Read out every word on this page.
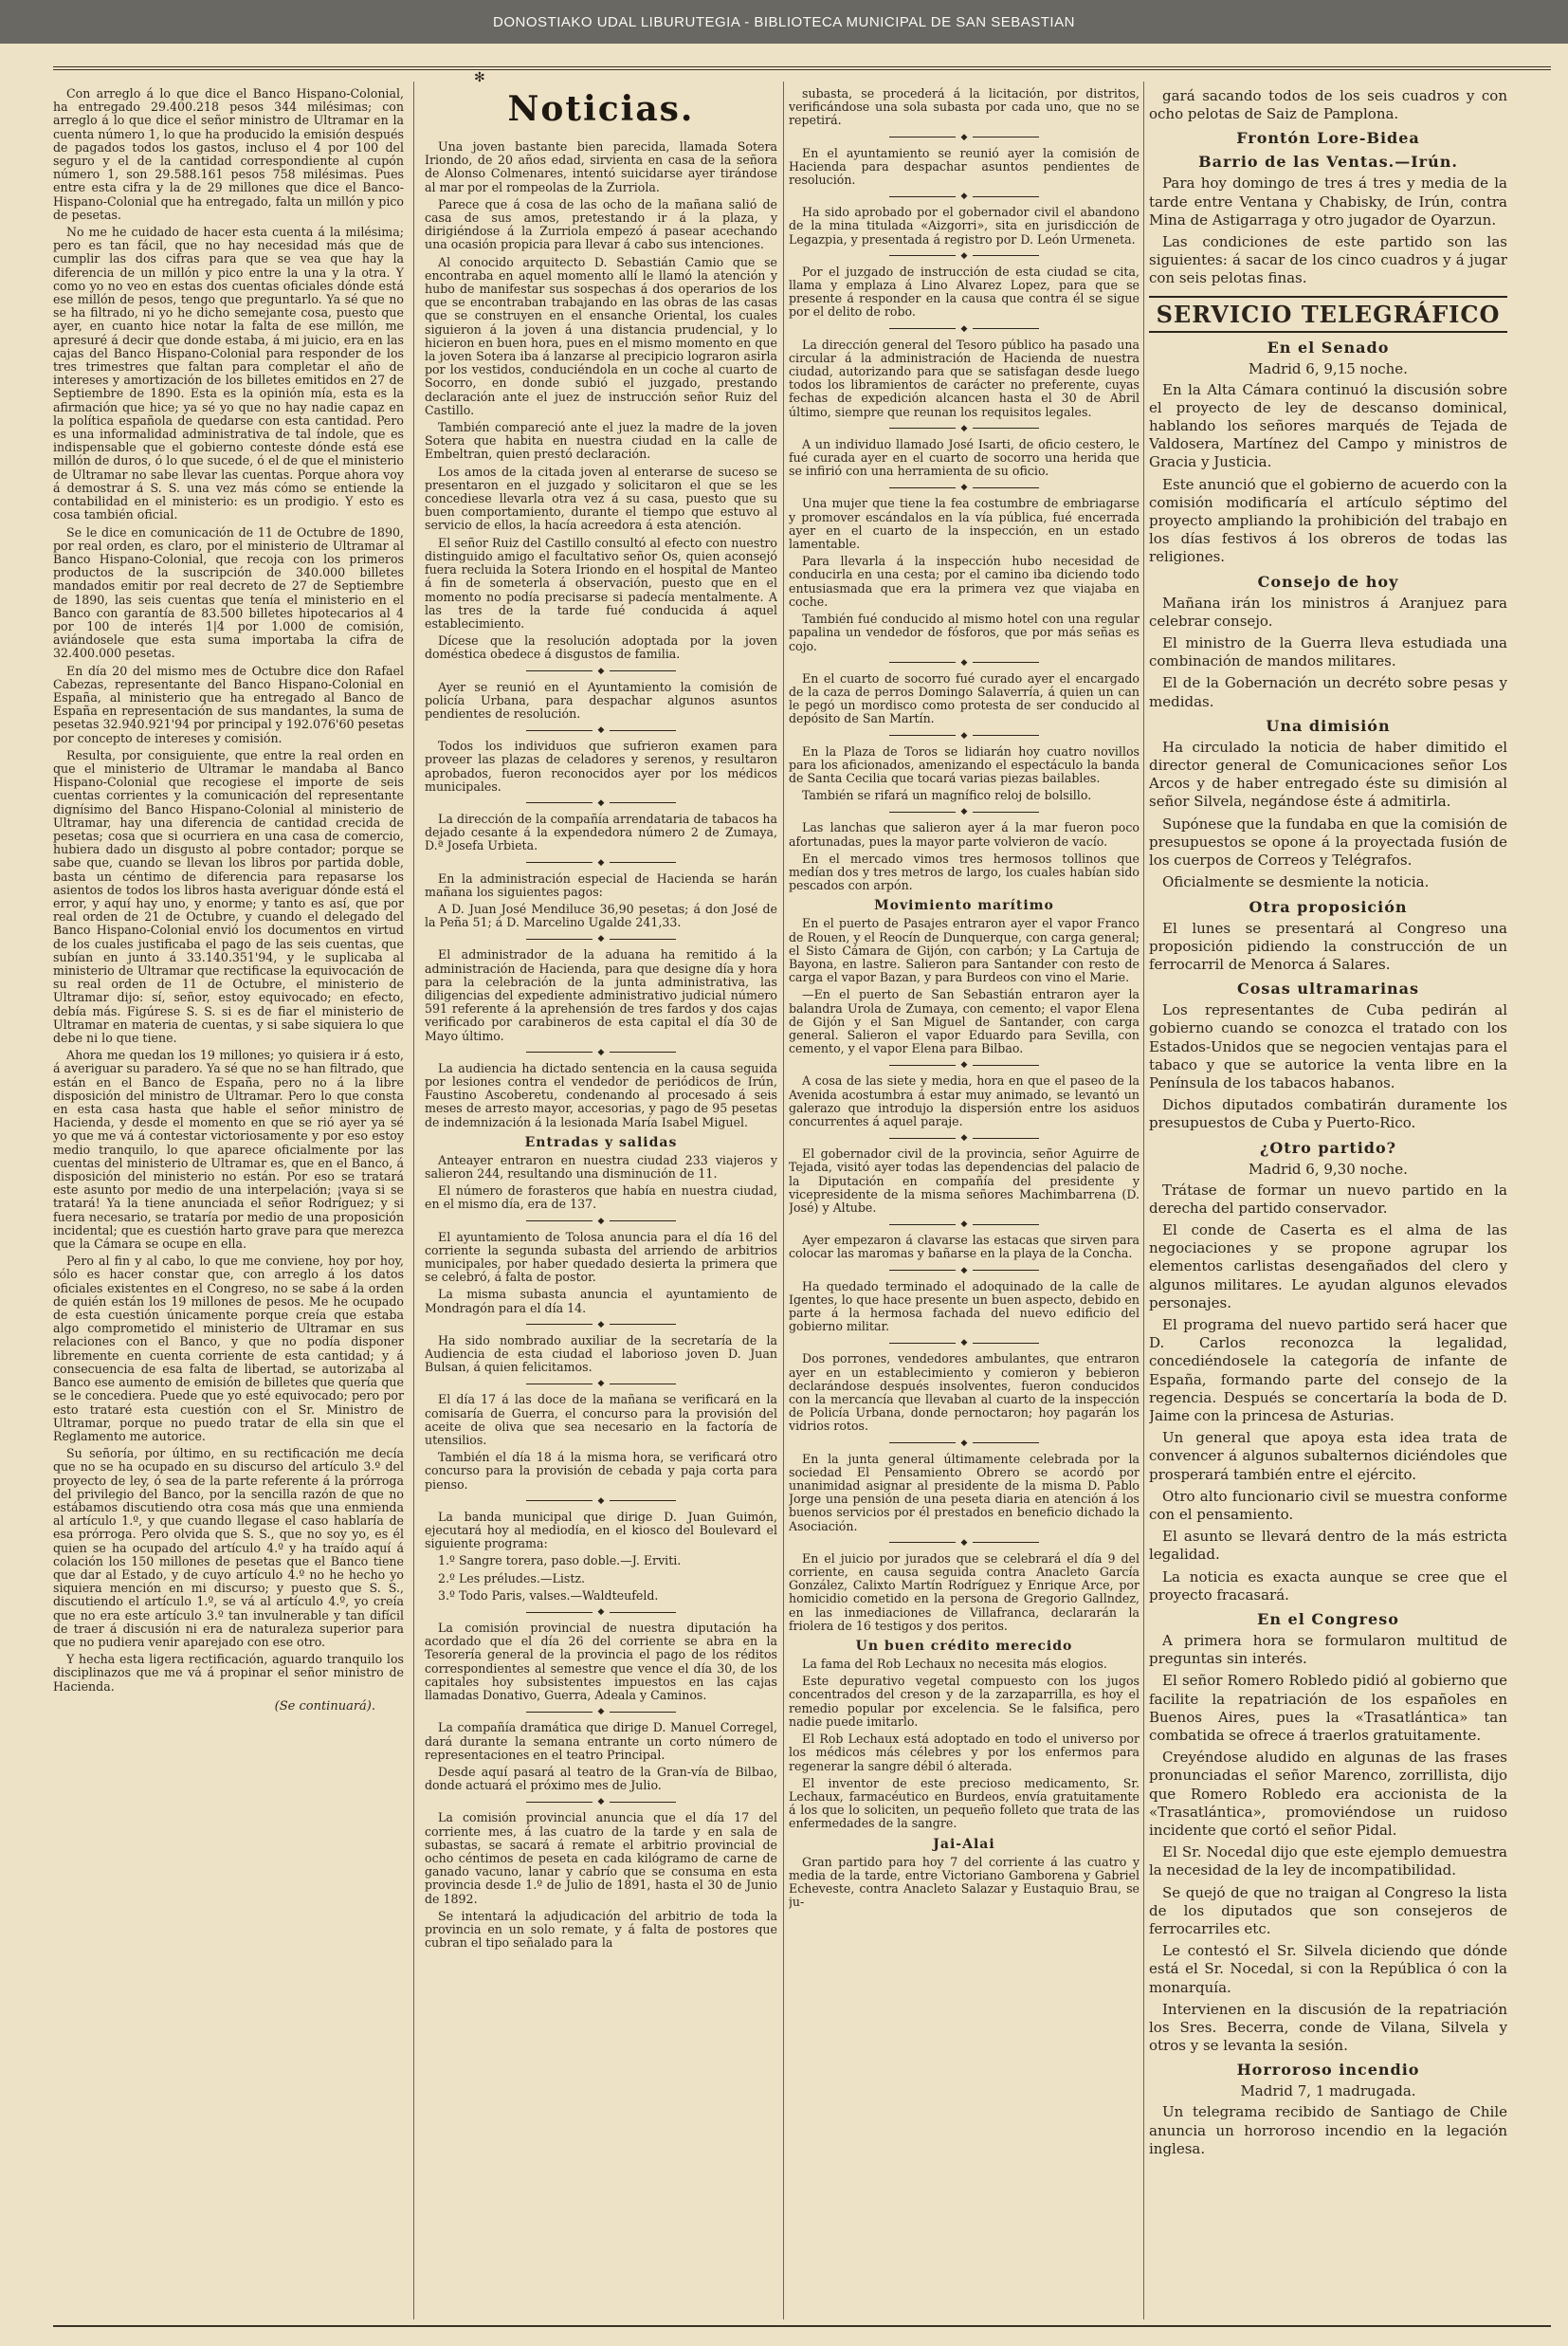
DONOSTIAKO UDAL LIBURUTEGIA - BIBLIOTECA MUNICIPAL DE SAN SEBASTIAN
✻

Con arreglo á lo que dice el Banco Hispano-Colonial, ha entregado 29.400.218 pesos 344 milésimas; con arreglo á lo que dice el señor ministro de Ultramar en la cuenta número 1, lo que ha producido la emisión después de pagados todos los gastos, incluso el 4 por 100 del seguro y el de la cantidad correspondiente al cupón número 1, son 29.588.161 pesos 758 milésimas. Pues entre esta cifra y la de 29 millones que dice el Banco-Hispano-Colonial que ha entregado, falta un millón y pico de pesetas.

No me he cuidado de hacer esta cuenta á la milésima; pero es tan fácil, que no hay necesidad más que de cumplir las dos cifras para que se vea que hay la diferencia de un millón y pico entre la una y la otra. Y como yo no veo en estas dos cuentas oficiales dónde está ese millón de pesos, tengo que preguntarlo. Ya sé que no se ha filtrado, ni yo he dicho semejante cosa, puesto que ayer, en cuanto hice notar la falta de ese millón, me apresuré á decir que donde estaba, á mi juicio, era en las cajas del Banco Hispano-Colonial para responder de los tres trimestres que faltan para completar el año de intereses y amortización de los billetes emitidos en 27 de Septiembre de 1890. Esta es la opinión mía, esta es la afirmación que hice; ya sé yo que no hay nadie capaz en la política española de quedarse con esta cantidad. Pero es una informalidad administrativa de tal índole, que es indispensable que el gobierno conteste dónde está ese millón de duros, ó lo que sucede, ó el de que el ministerio de Ultramar no sabe llevar las cuentas. Porque ahora voy á demostrar á S. S. una vez más cómo se entiende la contabilidad en el ministerio: es un prodigio. Y esto es cosa también oficial.

Se le dice en comunicación de 11 de Octubre de 1890, por real orden, es claro, por el ministerio de Ultramar al Banco Hispano-Colonial, que recoja con los primeros productos de la suscripción de 340.000 billetes mandados emitir por real decreto de 27 de Septiembre de 1890, las seis cuentas que tenía el ministerio en el Banco con garantía de 83.500 billetes hipotecarios al 4 por 100 de interés 1|4 por 1.000 de comisión, aviándosele que esta suma importaba la cifra de 32.400.000 pesetas.

En día 20 del mismo mes de Octubre dice don Rafael Cabezas, representante del Banco Hispano-Colonial en España, al ministerio que ha entregado al Banco de España en representación de sus mandantes, la suma de pesetas 32.940.921'94 por principal y 192.076'60 pesetas por concepto de intereses y comisión.

Resulta, por consiguiente, que entre la real orden en que el ministerio de Ultramar le mandaba al Banco Hispano-Colonial que recogiese el importe de seis cuentas corrientes y la comunicación del representante dignísimo del Banco Hispano-Colonial al ministerio de Ultramar, hay una diferencia de cantidad crecida de pesetas; cosa que si ocurriera en una casa de comercio, hubiera dado un disgusto al pobre contador; porque se sabe que, cuando se llevan los libros por partida doble, basta un céntimo de diferencia para repasarse los asientos de todos los libros hasta averiguar dónde está el error, y aquí hay uno, y enorme; y tanto es así, que por real orden de 21 de Octubre, y cuando el delegado del Banco Hispano-Colonial envió los documentos en virtud de los cuales justificaba el pago de las seis cuentas, que subían en junto á 33.140.351'94, y le suplicaba al ministerio de Ultramar que rectificase la equivocación de su real orden de 11 de Octubre, el ministerio de Ultramar dijo: sí, señor, estoy equivocado; en efecto, debía más. Figúrese S. S. si es de fiar el ministerio de Ultramar en materia de cuentas, y si sabe siquiera lo que debe ni lo que tiene.

Ahora me quedan los 19 millones; yo quisiera ir á esto, á averiguar su paradero. Ya sé que no se han filtrado, que están en el Banco de España, pero no á la libre disposición del ministro de Ultramar. Pero lo que consta en esta casa hasta que hable el señor ministro de Hacienda, y desde el momento en que se rió ayer ya sé yo que me vá á contestar victoriosamente y por eso estoy medio tranquilo, lo que aparece oficialmente por las cuentas del ministerio de Ultramar es, que en el Banco, á disposición del ministerio no están. Por eso se tratará este asunto por medio de una interpelación; ¡vaya si se tratará! Ya la tiene anunciada el señor Rodríguez; y si fuera necesario, se trataría por medio de una proposición incidental; que es cuestión harto grave para que merezca que la Cámara se ocupe en ella.

Pero al fin y al cabo, lo que me conviene, hoy por hoy, sólo es hacer constar que, con arreglo á los datos oficiales existentes en el Congreso, no se sabe á la orden de quién están los 19 millones de pesos. Me he ocupado de esta cuestión únicamente porque creía que estaba algo comprometido el ministerio de Ultramar en sus relaciones con el Banco, y que no podía disponer libremente en cuenta corriente de esta cantidad; y á consecuencia de esa falta de libertad, se autorizaba al Banco ese aumento de emisión de billetes que quería que se le concediera. Puede que yo esté equivocado; pero por esto trataré esta cuestión con el Sr. Ministro de Ultramar, porque no puedo tratar de ella sin que el Reglamento me autorice.

Su señoría, por último, en su rectificación me decía que no se ha ocupado en su discurso del artículo 3.º del proyecto de ley, ó sea de la parte referente á la prórroga del privilegio del Banco, por la sencilla razón de que no estábamos discutiendo otra cosa más que una enmienda al artículo 1.º, y que cuando llegase el caso hablaría de esa prórroga. Pero olvida que S. S., que no soy yo, es él quien se ha ocupado del artículo 4.º y ha traído aquí á colación los 150 millones de pesetas que el Banco tiene que dar al Estado, y de cuyo artículo 4.º no he hecho yo siquiera mención en mi discurso; y puesto que S. S., discutiendo el artículo 1.º, se vá al artículo 4.º, yo creía que no era este artículo 3.º tan invulnerable y tan difícil de traer á discusión ni era de naturaleza superior para que no pudiera venir aparejado con ese otro.

Y hecha esta ligera rectificación, aguardo tranquilo los disciplinazos que me vá á propinar el señor ministro de Hacienda.

(Se continuará).
Noticias.

Una joven bastante bien parecida, llamada Sotera Iriondo, de 20 años edad, sirvienta en casa de la señora de Alonso Colmenares, intentó suicidarse ayer tirándose al mar por el rompeolas de la Zurriola.

Parece que á cosa de las ocho de la mañana salió de casa de sus amos, pretestando ir á la plaza, y dirigiéndose á la Zurriola empezó á pasear acechando una ocasión propicia para llevar á cabo sus intenciones.

Al conocido arquitecto D. Sebastián Camio que se encontraba en aquel momento allí le llamó la atención y hubo de manifestar sus sospechas á dos operarios de los que se encontraban trabajando en las obras de las casas que se construyen en el ensanche Oriental, los cuales siguieron á la joven á una distancia prudencial, y lo hicieron en buen hora, pues en el mismo momento en que la joven Sotera iba á lanzarse al precipicio lograron asirla por los vestidos, conduciéndola en un coche al cuarto de Socorro, en donde subió el juzgado, prestando declaración ante el juez de instrucción señor Ruiz del Castillo.

También compareció ante el juez la madre de la joven Sotera que habita en nuestra ciudad en la calle de Embeltran, quien prestó declaración.

Los amos de la citada joven al enterarse de suceso se presentaron en el juzgado y solicitaron el que se les concediese llevarla otra vez á su casa, puesto que su buen comportamiento, durante el tiempo que estuvo al servicio de ellos, la hacía acreedora á esta atención.

El señor Ruiz del Castillo consultó al efecto con nuestro distinguido amigo el facultativo señor Os, quien aconsejó fuera recluida la Sotera Iriondo en el hospital de Manteo á fin de someterla á observación, puesto que en el momento no podía precisarse si padecía mentalmente. A las tres de la tarde fué conducida á aquel establecimiento.

Dícese que la resolución adoptada por la joven doméstica obedece á disgustos de familia.

◆

Ayer se reunió en el Ayuntamiento la comisión de policía Urbana, para despachar algunos asuntos pendientes de resolución.

◆

Todos los individuos que sufrieron examen para proveer las plazas de celadores y serenos, y resultaron aprobados, fueron reconocidos ayer por los médicos municipales.

◆

La dirección de la compañía arrendataria de tabacos ha dejado cesante á la expendedora número 2 de Zumaya, D.ª Josefa Urbieta.

◆

En la administración especial de Hacienda se harán mañana los siguientes pagos:

A D. Juan José Mendiluce 36,90 pesetas; á don José de la Peña 51; á D. Marcelino Ugalde 241,33.

◆

El administrador de la aduana ha remitido á la administración de Hacienda, para que designe día y hora para la celebración de la junta administrativa, las diligencias del expediente administrativo judicial número 591 referente á la aprehensión de tres fardos y dos cajas verificado por carabineros de esta capital el día 30 de Mayo último.

◆

La audiencia ha dictado sentencia en la causa seguida por lesiones contra el vendedor de periódicos de Irún, Faustino Ascoberetu, condenando al procesado á seis meses de arresto mayor, accesorias, y pago de 95 pesetas de indemnización á la lesionada María Isabel Miguel.

Entradas y salidas

Anteayer entraron en nuestra ciudad 233 viajeros y salieron 244, resultando una disminución de 11.

El número de forasteros que había en nuestra ciudad, en el mismo día, era de 137.

◆

El ayuntamiento de Tolosa anuncia para el día 16 del corriente la segunda subasta del arriendo de arbitrios municipales, por haber quedado desierta la primera que se celebró, á falta de postor.

La misma subasta anuncia el ayuntamiento de Mondragón para el día 14.

◆

Ha sido nombrado auxiliar de la secretaría de la Audiencia de esta ciudad el laborioso joven D. Juan Bulsan, á quien felicitamos.

◆

El día 17 á las doce de la mañana se verificará en la comisaría de Guerra, el concurso para la provisión del aceite de oliva que sea necesario en la factoría de utensilios.

También el día 18 á la misma hora, se verificará otro concurso para la provisión de cebada y paja corta para pienso.

◆

La banda municipal que dirige D. Juan Guimón, ejecutará hoy al mediodía, en el kiosco del Boulevard el siguiente programa:

1.º Sangre torera, paso doble.—J. Erviti.

2.º Les préludes.—Listz.

3.º Todo Paris, valses.—Waldteufeld.

◆

La comisión provincial de nuestra diputación ha acordado que el día 26 del corriente se abra en la Tesorería general de la provincia el pago de los réditos correspondientes al semestre que vence el día 30, de los capitales hoy subsistentes impuestos en las cajas llamadas Donativo, Guerra, Adeala y Caminos.

◆

La compañía dramática que dirige D. Manuel Corregel, dará durante la semana entrante un corto número de representaciones en el teatro Principal.

Desde aquí pasará al teatro de la Gran-vía de Bilbao, donde actuará el próximo mes de Julio.

◆

La comisión provincial anuncia que el día 17 del corriente mes, á las cuatro de la tarde y en sala de subastas, se sacará á remate el arbitrio provincial de ocho céntimos de peseta en cada kilógramo de carne de ganado vacuno, lanar y cabrío que se consuma en esta provincia desde 1.º de Julio de 1891, hasta el 30 de Junio de 1892.

Se intentará la adjudicación del arbitrio de toda la provincia en un solo remate, y á falta de postores que cubran el tipo señalado para la

subasta, se procederá á la licitación, por distritos, verificándose una sola subasta por cada uno, que no se repetirá.

◆

En el ayuntamiento se reunió ayer la comisión de Hacienda para despachar asuntos pendientes de resolución.

◆

Ha sido aprobado por el gobernador civil el abandono de la mina titulada «Aizgorri», sita en jurisdicción de Legazpia, y presentada á registro por D. León Urmeneta.

◆

Por el juzgado de instrucción de esta ciudad se cita, llama y emplaza á Lino Alvarez Lopez, para que se presente á responder en la causa que contra él se sigue por el delito de robo.

◆

La dirección general del Tesoro público ha pasado una circular á la administración de Hacienda de nuestra ciudad, autorizando para que se satisfagan desde luego todos los libramientos de carácter no preferente, cuyas fechas de expedición alcancen hasta el 30 de Abril último, siempre que reunan los requisitos legales.

◆

A un individuo llamado José Isarti, de oficio cestero, le fué curada ayer en el cuarto de socorro una herida que se infirió con una herramienta de su oficio.

◆

Una mujer que tiene la fea costumbre de embriagarse y promover escándalos en la vía pública, fué encerrada ayer en el cuarto de la inspección, en un estado lamentable.

Para llevarla á la inspección hubo necesidad de conducirla en una cesta; por el camino iba diciendo todo entusiasmada que era la primera vez que viajaba en coche.

También fué conducido al mismo hotel con una regular papalina un vendedor de fósforos, que por más señas es cojo.

◆

En el cuarto de socorro fué curado ayer el encargado de la caza de perros Domingo Salaverría, á quien un can le pegó un mordisco como protesta de ser conducido al depósito de San Martín.

◆

En la Plaza de Toros se lidiarán hoy cuatro novillos para los aficionados, amenizando el espectáculo la banda de Santa Cecilia que tocará varias piezas bailables.

También se rifará un magnífico reloj de bolsillo.

◆

Las lanchas que salieron ayer á la mar fueron poco afortunadas, pues la mayor parte volvieron de vacío.

En el mercado vimos tres hermosos tollinos que medían dos y tres metros de largo, los cuales habían sido pescados con arpón.

Movimiento marítimo

En el puerto de Pasajes entraron ayer el vapor Franco de Rouen, y el Reocín de Dunquerque, con carga general; el Sisto Cámara de Gijón, con carbón; y La Cartuja de Bayona, en lastre. Salieron para Santander con resto de carga el vapor Bazan, y para Burdeos con vino el Marie.

—En el puerto de San Sebastián entraron ayer la balandra Urola de Zumaya, con cemento; el vapor Elena de Gijón y el San Miguel de Santander, con carga general. Salieron el vapor Eduardo para Sevilla, con cemento, y el vapor Elena para Bilbao.

◆

A cosa de las siete y media, hora en que el paseo de la Avenida acostumbra á estar muy animado, se levantó un galerazo que introdujo la dispersión entre los asiduos concurrentes á aquel paraje.

◆

El gobernador civil de la provincia, señor Aguirre de Tejada, visitó ayer todas las dependencias del palacio de la Diputación en compañía del presidente y vicepresidente de la misma señores Machimbarrena (D. José) y Altube.

◆

Ayer empezaron á clavarse las estacas que sirven para colocar las maromas y bañarse en la playa de la Concha.

◆

Ha quedado terminado el adoquinado de la calle de Igentes, lo que hace presente un buen aspecto, debido en parte á la hermosa fachada del nuevo edificio del gobierno militar.

◆

Dos porrones, vendedores ambulantes, que entraron ayer en un establecimiento y comieron y bebieron declarándose después insolventes, fueron conducidos con la mercancía que llevaban al cuarto de la inspección de Policía Urbana, donde pernoctaron; hoy pagarán los vidrios rotos.

◆

En la junta general últimamente celebrada por la sociedad El Pensamiento Obrero se acordó por unanimidad asignar al presidente de la misma D. Pablo Jorge una pensión de una peseta diaria en atención á los buenos servicios por él prestados en beneficio dichado la Asociación.

◆

En el juicio por jurados que se celebrará el día 9 del corriente, en causa seguida contra Anacleto García González, Calixto Martín Rodríguez y Enrique Arce, por homicidio cometido en la persona de Gregorio Gallndez, en las inmediaciones de Villafranca, declararán la friolera de 16 testigos y dos peritos.

Un buen crédito merecido

La fama del Rob Lechaux no necesita más elogios.

Este depurativo vegetal compuesto con los jugos concentrados del creson y de la zarzaparrilla, es hoy el remedio popular por excelencia. Se le falsifica, pero nadie puede imitarlo.

El Rob Lechaux está adoptado en todo el universo por los médicos más célebres y por los enfermos para regenerar la sangre débil ó alterada.

El inventor de este precioso medicamento, Sr. Lechaux, farmacéutico en Burdeos, envía gratuitamente á los que lo soliciten, un pequeño folleto que trata de las enfermedades de la sangre.

Jai-Alai

Gran partido para hoy 7 del corriente á las cuatro y media de la tarde, entre Victoriano Gamborena y Gabriel Echeveste, contra Anacleto Salazar y Eustaquio Brau, se ju-

gará sacando todos de los seis cuadros y con ocho pelotas de Saiz de Pamplona.

Frontón Lore-Bidea
Barrio de las Ventas.—Irún.

Para hoy domingo de tres á tres y media de la tarde entre Ventana y Chabisky, de Irún, contra Mina de Astigarraga y otro jugador de Oyarzun.

Las condiciones de este partido son las siguientes: á sacar de los cinco cuadros y á jugar con seis pelotas finas.

SERVICIO TELEGRÁFICO
En el Senado
Madrid 6, 9,15 noche.

En la Alta Cámara continuó la discusión sobre el proyecto de ley de descanso dominical, hablando los señores marqués de Tejada de Valdosera, Martínez del Campo y ministros de Gracia y Justicia.

Este anunció que el gobierno de acuerdo con la comisión modificaría el artículo séptimo del proyecto ampliando la prohibición del trabajo en los días festivos á los obreros de todas las religiones.

Consejo de hoy

Mañana irán los ministros á Aranjuez para celebrar consejo.

El ministro de la Guerra lleva estudiada una combinación de mandos militares.

El de la Gobernación un decréto sobre pesas y medidas.

Una dimisión

Ha circulado la noticia de haber dimitido el director general de Comunicaciones señor Los Arcos y de haber entregado éste su dimisión al señor Silvela, negándose éste á admitirla.

Supónese que la fundaba en que la comisión de presupuestos se opone á la proyectada fusión de los cuerpos de Correos y Telégrafos.

Oficialmente se desmiente la noticia.

Otra proposición

El lunes se presentará al Congreso una proposición pidiendo la construcción de un ferrocarril de Menorca á Salares.

Cosas ultramarinas

Los representantes de Cuba pedirán al gobierno cuando se conozca el tratado con los Estados-Unidos que se negocien ventajas para el tabaco y que se autorice la venta libre en la Península de los tabacos habanos.

Dichos diputados combatirán duramente los presupuestos de Cuba y Puerto-Rico.

¿Otro partido?
Madrid 6, 9,30 noche.

Trátase de formar un nuevo partido en la derecha del partido conservador.

El conde de Caserta es el alma de las negociaciones y se propone agrupar los elementos carlistas desengañados del clero y algunos militares. Le ayudan algunos elevados personajes.

El programa del nuevo partido será hacer que D. Carlos reconozca la legalidad, concediéndosele la categoría de infante de España, formando parte del consejo de la regencia. Después se concertaría la boda de D. Jaime con la princesa de Asturias.

Un general que apoya esta idea trata de convencer á algunos subalternos diciéndoles que prosperará también entre el ejército.

Otro alto funcionario civil se muestra conforme con el pensamiento.

El asunto se llevará dentro de la más estricta legalidad.

La noticia es exacta aunque se cree que el proyecto fracasará.

En el Congreso

A primera hora se formularon multitud de preguntas sin interés.

El señor Romero Robledo pidió al gobierno que facilite la repatriación de los españoles en Buenos Aires, pues la «Trasatlántica» tan combatida se ofrece á traerlos gratuitamente.

Creyéndose aludido en algunas de las frases pronunciadas el señor Marenco, zorrillista, dijo que Romero Robledo era accionista de la «Trasatlántica», promoviéndose un ruidoso incidente que cortó el señor Pidal.

El Sr. Nocedal dijo que este ejemplo demuestra la necesidad de la ley de incompatibilidad.

Se quejó de que no traigan al Congreso la lista de los diputados que son consejeros de ferrocarriles etc.

Le contestó el Sr. Silvela diciendo que dónde está el Sr. Nocedal, si con la República ó con la monarquía.

Intervienen en la discusión de la repatriación los Sres. Becerra, conde de Vilana, Silvela y otros y se levanta la sesión.

Horroroso incendio
Madrid 7, 1 madrugada.

Un telegrama recibido de Santiago de Chile anuncia un horroroso incendio en la legación inglesa.
